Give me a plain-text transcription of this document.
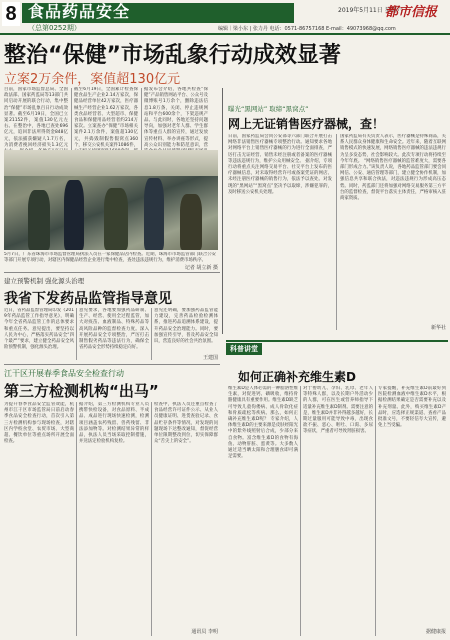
8 食品药品安全
（总第0252期）
2019年5月11日 星期六
都市信报
编辑｜梁小东 | 张力丹 电话：0571-86757168 E-mail：49073968@qq.com
整治“保健”市场乱象行动成效显著
立案2万余件，案值超130亿元
目前，国家市场监督总局、全国政法部、国家药监局等13部门共同启动开展的联合行动，集中整治“保健”市场乱象百日行动成效显著。截至6月19日，全国已立案21152件，案值130亿元左右。在整治中，各地已查处696亿元，追回非法所得资金848亿元，依法捕获嫌疑人1.7万名，为消费者挽回经济损失1.3亿元
截至6月19日，全国累计检查保健食品生产企业2.14万家次，保健品经营单位42万家次，医疗器械生产经营企业1.62万家次，各类食品经营者、大型超市、保健食品和保健用品经营者约214万家次。立案查办“保健”市场相关案件2.1万余件，案值超130亿元，共捣毁制假售假窝点360个，移交公安机关案件1086件，
据发布会介绍，各地共检查“保健”产品销售网站平台、公众号及微博账号1万余个，删除违法信息1.8万条，关闭、停止违规网站和平台600余个，下架违规产品。与此同时，各地还坚持问题导向，加强对老年人群、学生群体等重点人群的宣传，通过发放宣传材料、举办讲座等形式，提高公众识别能力和防范意识，营
5月7日，广东省珠海市市场监督管理局执法人员在一家保健品店内检查。近期，珠海市市场监管部门联合公安等部门开展专项行动，对辖区内保健品经营企业进行集中检查，查处违法违规行为，维护消费市场秩序。
记者 胡立新 摄
曝光“黑网站” 取缔“黑窝点”
网上无证销售医疗器械，查！
日前，国家药监局会同公安部等六部门联合开展打击网络非法销售医疗器械专项整治行动。通知要求各地对网络平台上销售医疗器械的行为进行全面排查，严厉打击无证经营、销售未经注册或者备案的医疗器械等违法违规行为，维护公众用械安全。 据介绍，专项行动将重点关注网络交易平台、社交平台上发布的医疗器械信息，对未取得经营许可或备案凭证的网店、未经注册医疗器械的销售行为，依法予以查处。对发现的“黑网站”“黑窝点”坚决予以取缔，涉嫌犯罪的，及时移送公安机关处理。
国家药监局有关负责人表示，医疗器械是特殊商品，关系人民群众身体健康和生命安全。近年来，随着互联网销售模式的快速发展，网络销售医疗器械的违法违规行为呈多发态势，社会影响较大。此次专项行动将持续至今年年底。 “网络销售医疗器械的监管难度大，需要各部门形成合力。”该负责人说，各地药品监管部门要会同网信、公安、通信管理等部门，建立健全协作机制，加强信息共享和联合执法，对违法违规行为形成高压态势。同时，药监部门还将加强对网络交易服务第三方平台的监督检查，督促平台落实主体责任，严格审核入驻商家资质。
新华社
建立预警机制 强化源头治理
我省下发药品监管指导意见
近日，省药品监督管理局印发《2019年药品监管工作指导意见》，明确今年全省药品监管工作的总体要求和重点任务。意见提出，要坚持以人民为中心，严格落实药品安全“四个最严”要求，建立健全药品安全风险预警机制，强化源头治理。
意见要求，各地要加强药品研制、生产、经营、使用全过程监管，加大对疫苗、血液制品、特殊药品等高风险品种的监督检查力度。深入开展药品安全专项整治，严厉打击制售假劣药品等违法行为，确保全省药品安全形势持续稳定向好。
意见还明确，要加强药品监管能力建设，完善药品检验检测体系，推进药品追溯体系建设，提升药品安全治理能力。同时，要加强宣传引导，普及药品安全知识，营造良好的社会共治氛围。
王建国
科普讲堂
如何正确补充维生素D
维生素D是人体必需的一种脂溶性维生素，对促进钙、磷吸收，维持骨骼健康具有重要作用。维生素D缺乏可导致儿童佝偻病、成人骨软化症和骨质疏松等疾病。那么，如何正确补充维生素D呢？ 专家介绍，人体维生素D的主要来源是皮肤经阳光中的紫外线照射后合成，少部分来自食物。富含维生素D的食物有海鱼、动物肝脏、蛋黄等。大多数人通过适当晒太阳和合理膳食即可满足需要。
对于婴幼儿、孕妇、乳母、老年人等特殊人群，以及长期户外活动少的人群，可在医生或营养师指导下适量补充维生素D制剂。需要注意的是，维生素D并非补得越多越好，长期过量服用可能导致中毒，出现食欲不振、恶心、呕吐、口渴、多尿等症状，严重者可导致肾脏损害。
专家提醒，补充维生素D前最好到医院检测血液中维生素D水平，根据检测结果确定是否需要补充以及补充剂量。此外，购买维生素D产品时，应选择正规渠道、查看产品批准文号，不要轻信夸大宣传，避免上当受骗。
据健康报
江干区开展春季食品安全检查行动
第三方检测机构“出马”
为提升春季食品安全监管效能，杭州市江干区市场监管局日前启动春季食品安全检查行动，首次引入第三方检测机构参与现场检查，对辖区内学校食堂、农贸市场、大型商超、餐饮单位等重点场所开展全面检查。
据介绍，第三方检测机构专业人员携带快检设备，对食品原料、半成品、成品进行现场快速检测，检测项目涵盖农药残留、兽药残留、非法添加物等。对检测结果异常的样品，执法人员当场采取控制措施，并送法定检验机构复检。
检查中，执法人员还重点检查了食品经营许可证件公示、从业人员健康证明、进货查验记录、食品贮存条件等情况，对发现的问题现场下达整改通知，督促经营单位限期整改到位，切实保障群众“舌尖上的安全”。
通讯员 李明
